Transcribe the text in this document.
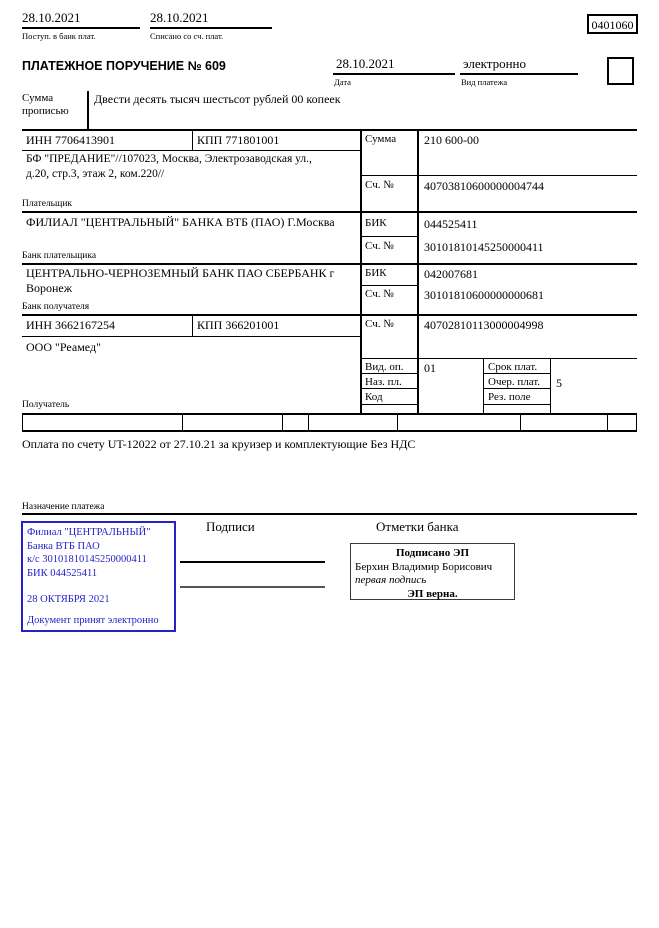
28.10.2021
Поступ. в банк плат.
28.10.2021
Списано со сч. плат.
0401060
ПЛАТЕЖНОЕ ПОРУЧЕНИЕ № 609	28.10.2021
Дата
электронно
Вид платежа
Сумма прописью
Двести десять тысяч шестьсот рублей 00 копеек
ИНН 7706413901	КПП 771801001
БФ "ПРЕДАНИЕ"//107023, Москва, Электрозаводская ул., д.20, стр.3, этаж 2, ком.220//
Плательщик
Сумма 210 600-00
Сч. №	40703810600000004744
ФИЛИАЛ "ЦЕНТРАЛЬНЫЙ" БАНКА ВТБ (ПАО) Г.Москва
Банк плательщика
БИК	044525411
Сч. №	30101810145250000411
ЦЕНТРАЛЬНО-ЧЕРНОЗЕМНЫЙ БАНК ПАО СБЕРБАНК г Воронеж
Банк получателя
БИК	042007681
Сч. №	30101810600000000681
ИНН 3662167254	КПП 366201001
ООО "Реамед"
Получатель
Сч. №	40702810113000004998
Вид. оп. 01
Наз. пл.
Код
Срок плат.
Очер. плат. 5
Рез. поле
Оплата по счету UT-12022 от 27.10.21 за круизер и комплектующие Без НДС
Назначение платежа
Подписи	Отметки банка
Филиал "ЦЕНТРАЛЬНЫЙ" Банка ВТБ ПАО
к/с 30101810145250000411
БИК 044525411
28 ОКТЯБРЯ 2021
Документ принят электронно
Подписано ЭП
Берхин Владимир Борисович
первая подпись
ЭП верна.
